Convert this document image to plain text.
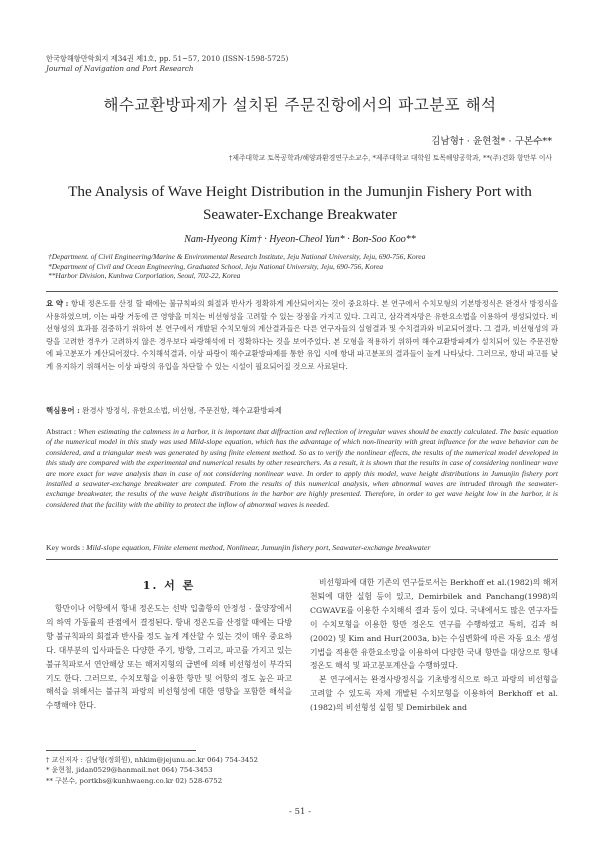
한국항해항만학회지 제34권 제1호, pp. 51~57, 2010 (ISSN-1598-5725)
Journal of Navigation and Port Research
해수교환방파제가 설치된 주문진항에서의 파고분포 해석
김남형† · 윤현철* · 구본수**
†제주대학교 토목공학과/해양과환경연구소교수, *제주대학교 대학원 토목해양공학과, **(주)건화 항만부 이사
The Analysis of Wave Height Distribution in the Jumunjin Fishery Port with
Seawater-Exchange Breakwater
Nam-Hyeong Kim† · Hyeon-Cheol Yun* · Bon-Soo Koo**
†Department. of Civil Engineering/Marine & Environmental Research Institute, Jeju National University, Jeju, 690-756, Korea
*Department of Civil and Ocean Engineering, Graduated School, Jeju National University, Jeju, 690-756, Korea
**Harbor Division, Kunhwa Corporlation, Seoul, 702-22, Korea
요 약 : 항내 정온도를 산정 할 때에는 불규칙파의 회절과 반사가 정확하게 계산되어지는 것이 중요하다. 본 연구에서 수치모형의 기본방정식은 완경사 방정식을 사용하였으며, 이는 파랑 거동에 큰 영향을 미치는 비선형성을 고려할 수 있는 장점을 가지고 있다. 그리고, 삼각격자망은 유한요소법을 이용하여 생성되었다. 비선형성의 효과를 검증하기 위하여 본 연구에서 개발된 수치모형의 계산결과들은 다른 연구자들의 실험결과 및 수치결과와 비교되어졌다. 그 결과, 비선형성의 과랑을 고려한 경우가 고려하지 않은 경우보다 파랑해석에 더 정확하다는 것을 보여주었다. 본 모형을 적용하기 위하여 해수교환방파제가 설치되어 있는 주문진항에 파고분포가 계산되어졌다. 수치해석결과, 이상 파랑이 해수교환방파제를 통한 유입 시에 항내 파고분포의 결과들이 높게 나타났다. 그러므로, 항내 파고를 낮게 유지하기 위해서는 이상 파랑의 유입을 차단할 수 있는 시설이 필요되어질 것으로 사료된다.
핵심용어 : 완경사 방정식, 유한요소법, 비선형, 주문진항, 해수교환방파제
Abstract : When estimating the calmness in a harbor, it is important that diffraction and reflection of irregular waves should be exactly calculated. The basic equation of the numerical model in this study was used Mild-slope equation, which has the advantage of which non-linearity with great influence for the wave behavior can be considered, and a triangular mesh was generated by using finite element method. So as to verify the nonlinear effects, the results of the numerical model developed in this study are compared with the experimental and numerical results by other researchers. As a result, it is shown that the results in case of considering nonlinear wave are more exact for wave analysis than in case of not considering nonlinear wave. In order to apply this model, wave height distributions in Jumunjin fishery port installed a seawater-exchange breakwater are computed. From the results of this numerical analysis, when abnormal waves are intruded through the seawater-exchange breakwater, the results of the wave height distributions in the harbor are highly presented. Therefore, in order to get wave height low in the harbor, it is considered that the facility with the ability to protect the inflow of abnormal waves is needed.
Key words : Mild-slope equation, Finite element method, Nonlinear, Jumunjin fishery port, Seawater-exchange breakwater
1. 서 론

항만이나 어항에서 항내 정온도는 선박 입출항의 안정성 · 물양장에서의 하역 가동률의 관점에서 결정된다. 항내 정온도를 산정할 때에는 다방향 불규칙파의 회절과 반사를 정도 높게 계산할 수 있는 것이 매우 중요하다. 대부분의 입사파들은 다양한 주기, 방향, 그리고, 파고를 가지고 있는 불규칙파로서 연안해상 또는 해저지형의 급변에 의해 비선형성이 부각되기도 한다. 그러므로, 수치모형을 이용한 항만 및 어항의 정도 높은 파고해석을 위해서는 불규칙 파랑의 비선형성에 대한 영향을 포함한 해석을 수행해야 한다.

비선형파에 대한 기존의 연구들로서는 Berkhoff et al.(1982)의 해저 천퇴에 대한 실험 등이 있고, Demirbilek and Panchang(1998)의 CGWAVE를 이용한 수치해석 결과 등이 있다. 국내에서도 많은 연구자들이 수치모형을 이용한 항만 정온도 연구를 수행하였고 특히, 김과 허(2002) 및 Kim and Hur(2003a, b)는 수심변화에 따른 자동 요소 생성기법을 적용한 유한요소망을 이용하여 다양한 국내 항만을 대상으로 항내 정온도 해석 및 파고분포계산을 수행하였다.

본 연구에서는 완경사방정식을 기초방정식으로 하고 파랑의 비선형을 고려할 수 있도록 자체 개발된 수치모형을 이용하여 Berkhoff et al.(1982)의 비선형성 실험 및 Demirbilek and

† 교신저자 : 김남형(정회원), nhkim@jejunu.ac.kr 064) 754-3452
* 윤현철, jidan0529@hanmail.net 064) 754-3453
** 구본수, portkbs@kunhwaeng.co.kr 02) 528-6752
- 51 -
